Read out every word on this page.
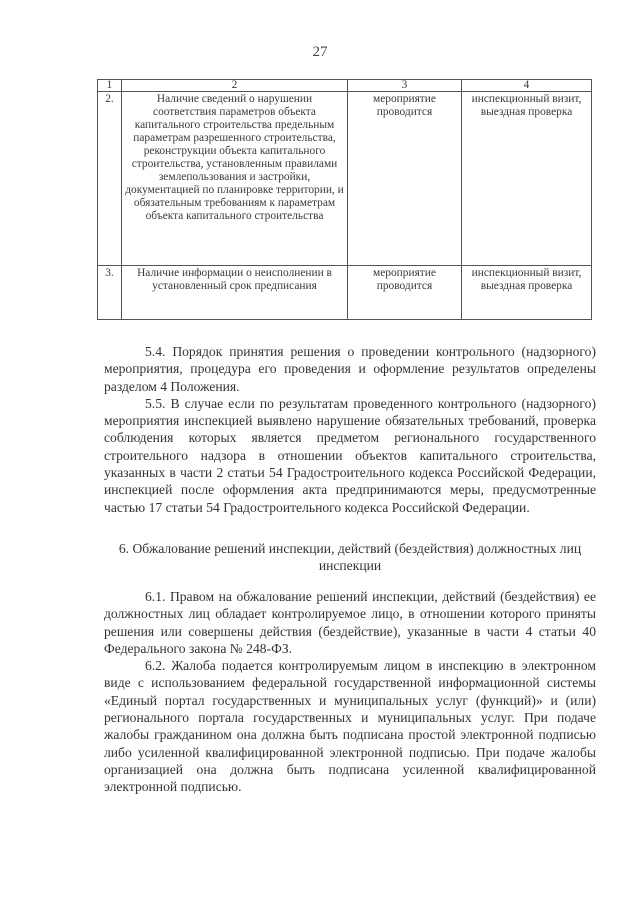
27
1	2	3	4
2.	Наличие сведений о нарушении соответствия параметров объекта капитального строительства предельным параметрам разрешенного строительства, реконструкции объекта капитального строительства, установленным правилами землепользования и застройки, документацией по планировке территории, и обязательным требованиям к параметрам объекта капитального строительства	мероприятие проводится	инспекционный визит, выездная проверка
3.	Наличие информации о неисполнении в установленный срок предписания	мероприятие проводится	инспекционный визит, выездная проверка

5.4. Порядок принятия решения о проведении контрольного (надзорного) мероприятия, процедура его проведения и оформление результатов определены разделом 4 Положения.

5.5. В случае если по результатам проведенного контрольного (надзорного) мероприятия инспекцией выявлено нарушение обязательных требований, проверка соблюдения которых является предметом регионального государственного строительного надзора в отношении объектов капитального строительства, указанных в части 2 статьи 54 Градостроительного кодекса Российской Федерации, инспекцией после оформления акта предпринимаются меры, предусмотренные частью 17 статьи 54 Градостроительного кодекса Российской Федерации.

6. Обжалование решений инспекции, действий (бездействия) должностных лиц инспекции

6.1. Правом на обжалование решений инспекции, действий (бездействия) ее должностных лиц обладает контролируемое лицо, в отношении которого приняты решения или совершены действия (бездействие), указанные в части 4 статьи 40 Федерального закона № 248-ФЗ.

6.2. Жалоба подается контролируемым лицом в инспекцию в электронном виде с использованием федеральной государственной информационной системы «Единый портал государственных и муниципальных услуг (функций)» и (или) регионального портала государственных и муниципальных услуг. При подаче жалобы гражданином она должна быть подписана простой электронной подписью либо усиленной квалифицированной электронной подписью. При подаче жалобы организацией она должна быть подписана усиленной квалифицированной электронной подписью.
